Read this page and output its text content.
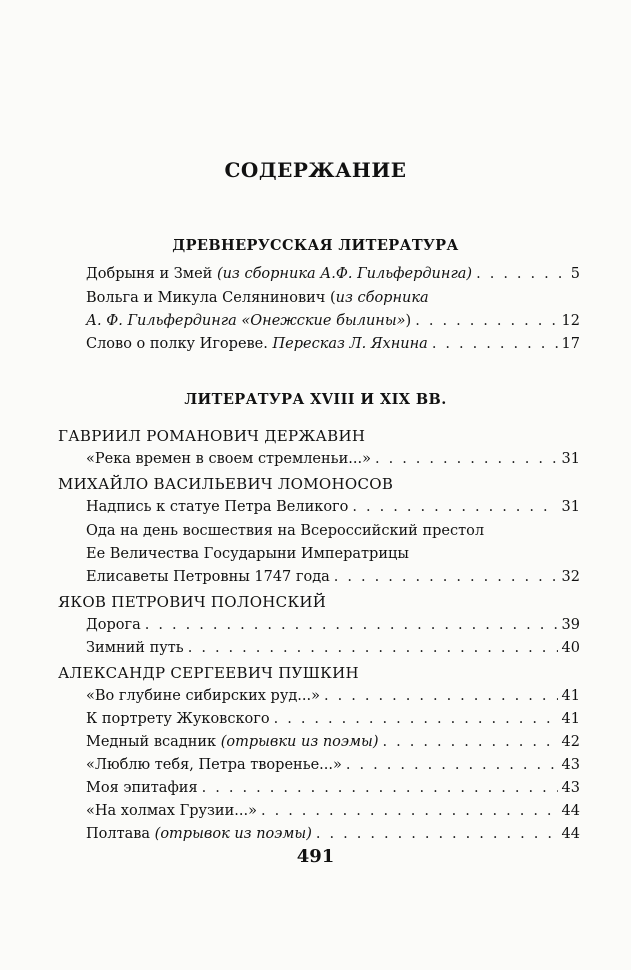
СОДЕРЖАНИЕ
ДРЕВНЕРУССКАЯ ЛИТЕРАТУРА
Добрыня и Змей (из сборника А.Ф. Гильфердинга) . . .	5
Вольга и Микула Селянинович (из сборника
А. Ф. Гильфердинга «Онежские былины») . . .	12
Слово о полку Игореве. Пересказ Л. Яхнина . . .	17
ЛИТЕРАТУРА XVIII И XIX ВВ.
ГАВРИИЛ РОМАНОВИЧ ДЕРЖАВИН
«Река времен в своем стремленьи...» . . .	31
МИХАЙЛО ВАСИЛЬЕВИЧ ЛОМОНОСОВ
Надпись к статуе Петра Великого . . .	31
Ода на день восшествия на Всероссийский престол
Ее Величества Государыни Императрицы
Елисаветы Петровны 1747 года . . .	32
ЯКОВ ПЕТРОВИЧ ПОЛОНСКИЙ
Дорога . . .	39
Зимний путь . . .	40
АЛЕКСАНДР СЕРГЕЕВИЧ ПУШКИН
«Во глубине сибирских руд...» . . .	41
К портрету Жуковского . . .	41
Медный всадник (отрывки из поэмы) . . .	42
«Люблю тебя, Петра творенье...» . . .	43
Моя эпитафия . . .	43
«На холмах Грузии...» . . .	44
Полтава (отрывок из поэмы) . . .	44
491
